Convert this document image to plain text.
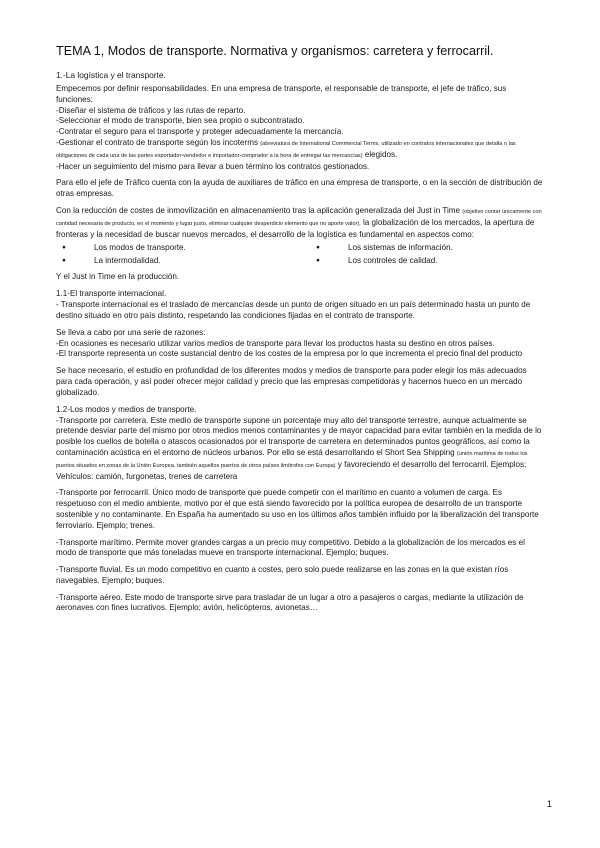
TEMA 1, Modos de transporte. Normativa y organismos: carretera y ferrocarril.
1.-La logística y el transporte.

Empecemos por definir responsabilidades. En una empresa de transporte, el responsable de transporte, el jefe de tráfico, sus funciones:

-Diseñar el sistema de tráficos y las rutas de reparto.

-Seleccionar el modo de transporte, bien sea propio o subcontratado.

-Contratar el seguro para el transporte y proteger adecuadamente la mercancía.

-Gestionar el contrato de transporte según los incoterms (abreviatura de International Commercial Terms, utilizado en contratos internacionales que detalla n las obligaciones de cada una de las partes exportador-vendedor e importador-comprador a la hora de entregar las mercancías) elegidos.

-Hacer un seguimiento del mismo para llevar a buen término los contratos gestionados.

Para ello el jefe de Tráfico cuenta con la ayuda de auxiliares de tráfico en una empresa de transporte, o en la sección de distribución de otras empresas.

Con la reducción de costes de inmovilización en almacenamiento tras la aplicación generalizada del Just in Time (objetivo contar únicamente con cantidad necesaria de producto, en el momento y lugar justo, eliminar cualquier desperdicio elemento que no aporte valor), la globalización de los mercados, la apertura de fronteras y la necesidad de buscar nuevos mercados, el desarrollo de la logística es fundamental en aspectos como:

● Los modos de transporte.	● Los sistemas de información.
● La intermodalidad.	● Los controles de calidad.

Y el Just in Time en la producción.

1.1-El transporte internacional.

- Transporte internacional es el traslado de mercancías desde un punto de origen situado en un país determinado hasta un punto de destino situado en otro país distinto, respetando las condiciones fijadas en el contrato de transporte.

Se lleva a cabo por una serie de razones:

-En ocasiones es necesario utilizar varios medios de transporte para llevar los productos hasta su destino en otros países.

-El transporte representa un coste sustancial dentro de los costes de la empresa por lo que incrementa el precio final del producto

Se hace necesario, el estudio en profundidad de los diferentes modos y medios de transporte para poder elegir los más adecuados para cada operación, y así poder ofrecer mejor calidad y precio que las empresas competidoras y hacernos hueco en un mercado globalizado.

1.2-Los modos y medios de transporte.

-Transporte por carretera. Este medio de transporte supone un porcentaje muy alto del transporte terrestre, aunque actualmente se pretende desviar parte del mismo por otros medios menos contaminantes y de mayor capacidad para evitar también en la medida de lo posible los cuellos de botella o atascos ocasionados por el transporte de carretera en determinados puntos geográficos, así como la contaminación acústica en el entorno de núcleos urbanos. Por ello se está desarrollando el Short Sea Shipping (unión marítima de todos los puertos situados en zonas de la Unión Europea, también aquellos puertos de otros países limítrofes con Europa) y favoreciendo el desarrollo del ferrocarril. Ejemplos; Vehículos: camión, furgonetas, trenes de carretera

-Transporte por ferrocarril. Único modo de transporte que puede competir con el marítimo en cuanto a volumen de carga. Es respetuoso con el medio ambiente, motivo por el que está siendo favorecido por la política europea de desarrollo de un transporte sostenible y no contaminante. En España ha aumentado su uso en los últimos años también influido por la liberalización del transporte ferroviario. Ejemplo; trenes.

-Transporte marítimo. Permite mover grandes cargas a un precio muy competitivo. Debido a la globalización de los mercados es el modo de transporte que más toneladas mueve en transporte internacional. Ejemplo; buques.

-Transporte fluvial. Es un modo competitivo en cuanto a costes, pero solo puede realizarse en las zonas en la que existan ríos navegables. Ejemplo; buques.

-Transporte aéreo. Este modo de transporte sirve para trasladar de un lugar a otro a pasajeros o cargas, mediante la utilización de aeronaves con fines lucrativos. Ejemplo; avión, helicópteros, avionetas…

1
